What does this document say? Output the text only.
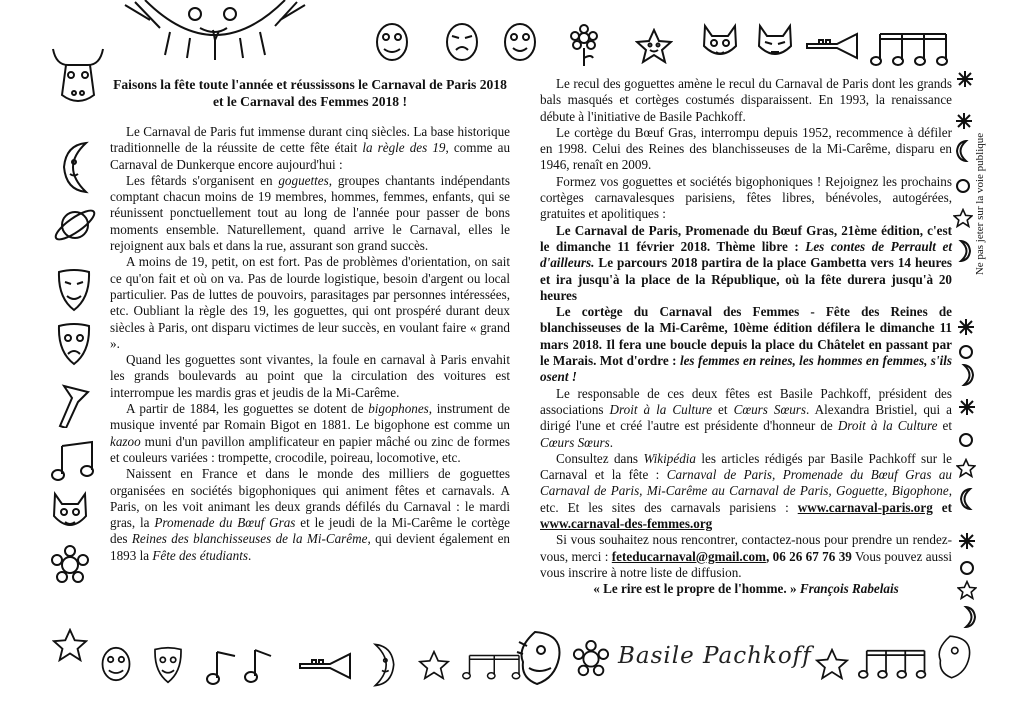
Ne pas jeter sur la voie publique

Faisons la fête toute l'année et réussissons le Carnaval de Paris 2018 et le Carnaval des Femmes 2018 !

Le Carnaval de Paris fut immense durant cinq siècles. La base historique traditionnelle de la réussite de cette fête était la règle des 19, comme au Carnaval de Dunkerque encore aujourd'hui :

Les fêtards s'organisent en goguettes, groupes chantants indépendants comptant chacun moins de 19 membres, hommes, femmes, enfants, qui se réunissent ponctuellement tout au long de l'année pour passer de bons moments ensemble. Naturellement, quand arrive le Carnaval, elles le rejoignent aux bals et dans la rue, assurant son grand succès.

A moins de 19, petit, on est fort. Pas de problèmes d'orientation, on sait ce qu'on fait et où on va. Pas de lourde logistique, besoin d'argent ou local particulier. Pas de luttes de pouvoirs, parasitages par personnes intéressées, etc. Oubliant la règle des 19, les goguettes, qui ont prospéré durant deux siècles à Paris, ont disparu victimes de leur succès, en voulant faire « grand ».

Quand les goguettes sont vivantes, la foule en carnaval à Paris envahit les grands boulevards au point que la circulation des voitures est interrompue les mardis gras et jeudis de la Mi-Carême.

A partir de 1884, les goguettes se dotent de bigophones, instrument de musique inventé par Romain Bigot en 1881. Le bigophone est comme un kazoo muni d'un pavillon amplificateur en papier mâché ou zinc de formes et couleurs variées : trompette, crocodile, poireau, locomotive, etc.

Naissent en France et dans le monde des milliers de goguettes organisées en sociétés bigophoniques qui animent fêtes et carnavals. A Paris, on les voit animant les deux grands défilés du Carnaval : le mardi gras, la Promenade du Bœuf Gras et le jeudi de la Mi-Carême le cortège des Reines des blanchisseuses de la Mi-Carême, qui devient également en 1893 la Fête des étudiants.

Le recul des goguettes amène le recul du Carnaval de Paris dont les grands bals masqués et cortèges costumés disparaissent. En 1993, la renaissance débute à l'initiative de Basile Pachkoff.

Le cortège du Bœuf Gras, interrompu depuis 1952, recommence à défiler en 1998. Celui des Reines des blanchisseuses de la Mi-Carême, disparu en 1946, renaît en 2009.

Formez vos goguettes et sociétés bigophoniques ! Rejoignez les prochains cortèges carnavalesques parisiens, fêtes libres, bénévoles, autogérées, gratuites et apolitiques :

Le Carnaval de Paris, Promenade du Bœuf Gras, 21ème édition, c'est le dimanche 11 février 2018. Thème libre : Les contes de Perrault et d'ailleurs. Le parcours 2018 partira de la place Gambetta vers 14 heures et ira jusqu'à la place de la République, où la fête durera jusqu'à 20 heures

Le cortège du Carnaval des Femmes - Fête des Reines de blanchisseuses de la Mi-Carême, 10ème édition défilera le dimanche 11 mars 2018. Il fera une boucle depuis la place du Châtelet en passant par le Marais. Mot d'ordre : les femmes en reines, les hommes en femmes, s'ils osent !

Le responsable de ces deux fêtes est Basile Pachkoff, président des associations Droit à la Culture et Cœurs Sœurs. Alexandra Bristiel, qui a dirigé l'une et créé l'autre est présidente d'honneur de Droit à la Culture et Cœurs Sœurs.

Consultez dans Wikipédia les articles rédigés par Basile Pachkoff sur le Carnaval et la fête : Carnaval de Paris, Promenade du Bœuf Gras au Carnaval de Paris, Mi-Carême au Carnaval de Paris, Goguette, Bigophone, etc. Et les sites des carnavals parisiens : www.carnaval-paris.org et www.carnaval-des-femmes.org

Si vous souhaitez nous rencontrer, contactez-nous pour prendre un rendez-vous, merci : feteducarnaval@gmail.com, 06 26 67 76 39 Vous pouvez aussi vous inscrire à notre liste de diffusion.

« Le rire est le propre de l'homme. » François Rabelais

Basile Pachkoff
